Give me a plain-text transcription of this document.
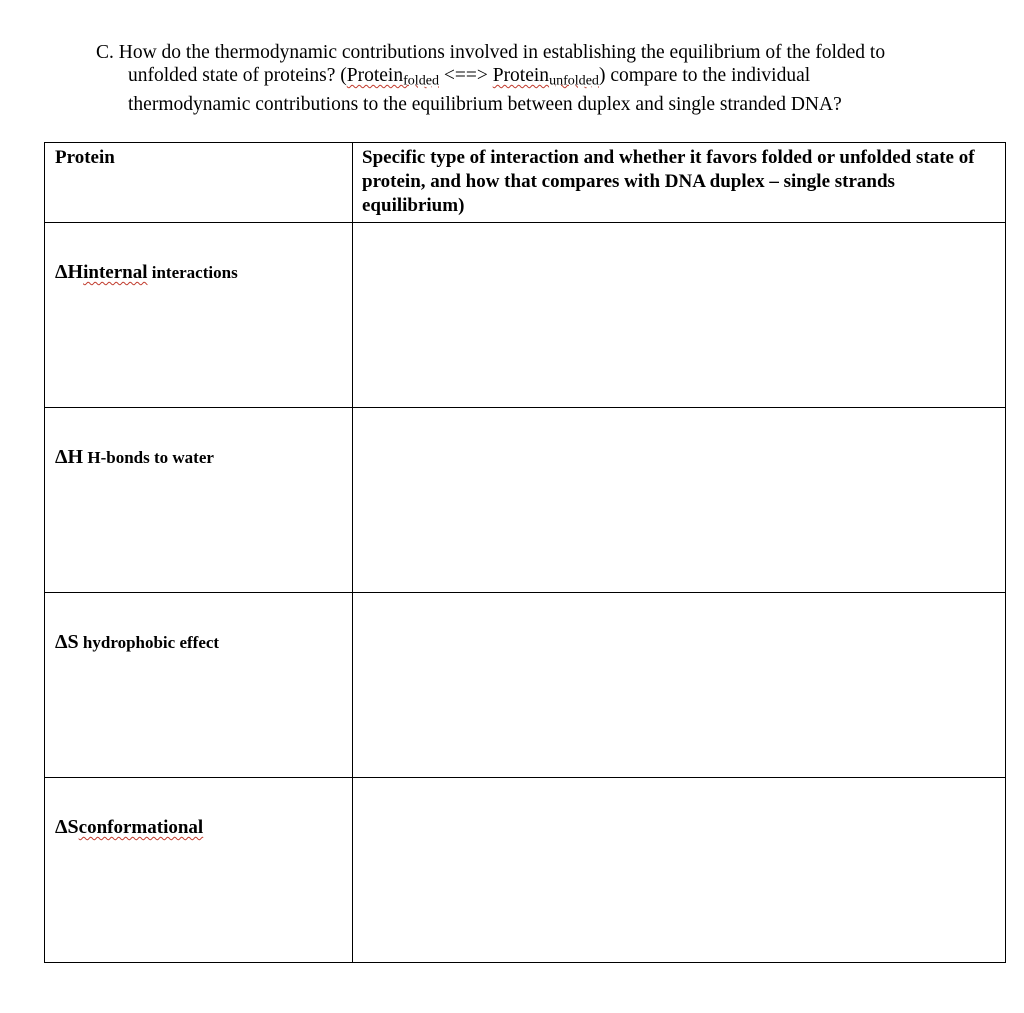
C. How do the thermodynamic contributions involved in establishing the equilibrium of the folded to
unfolded state of proteins? (Protein$_{folded}$ <==> Protein$_{unfolded}$) compare to the individual
thermodynamic contributions to the equilibrium between duplex and single stranded DNA?
Protein	Specific type of interaction and whether it favors folded or unfolded state of protein, and how that compares with DNA duplex – single strands equilibrium)

ΔHinternal interactions	

ΔH H-bonds to water	

ΔS hydrophobic effect	

ΔSconformational	
